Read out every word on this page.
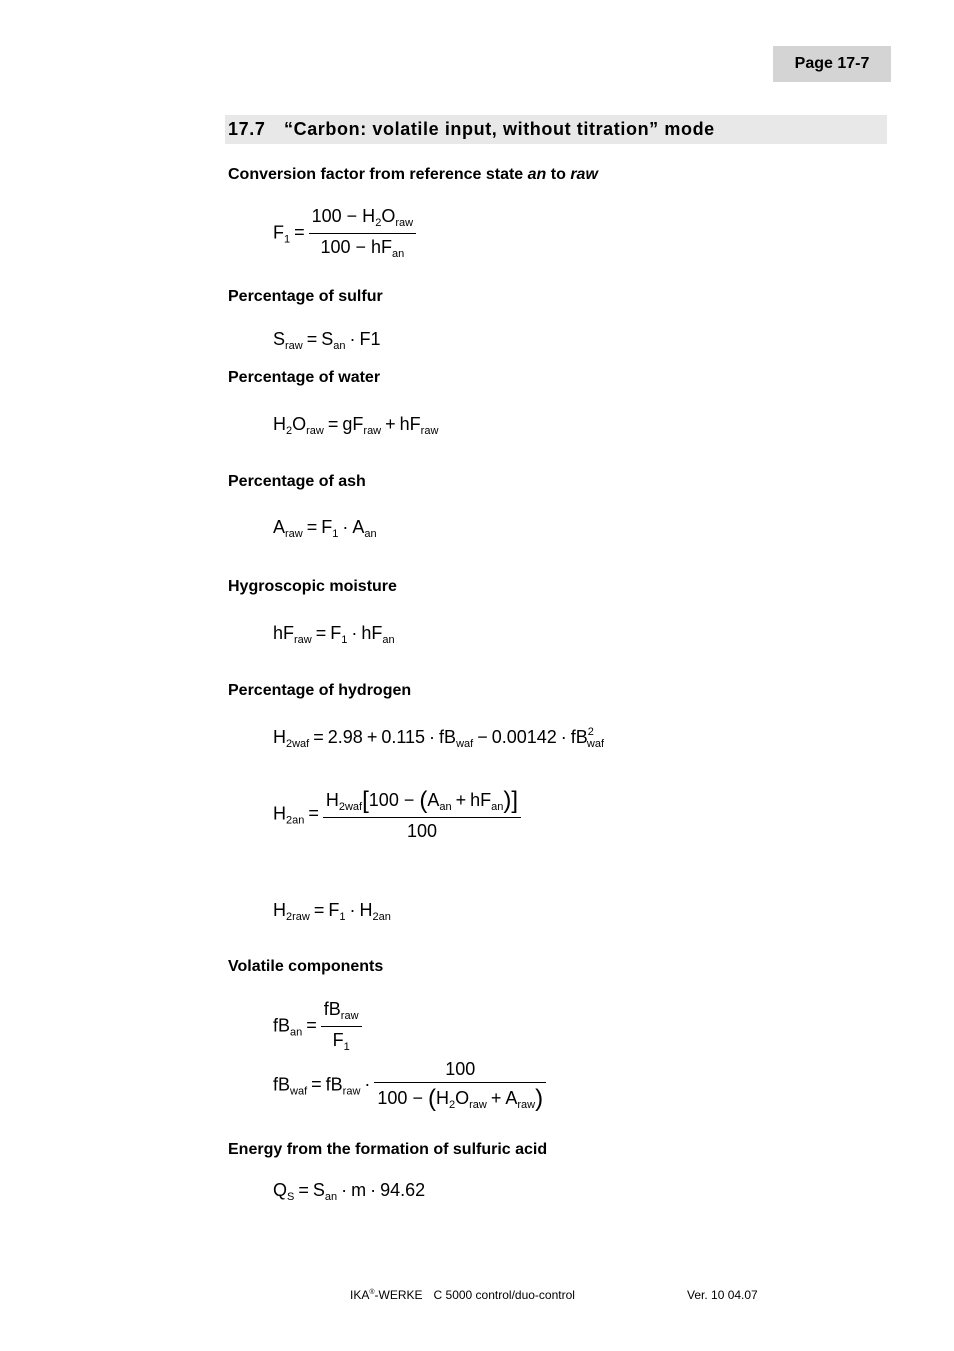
Page 17-7
17.7	“Carbon: volatile input, without titration” mode
Conversion factor from reference state an to raw
$F_1 = \frac{100 - H_2O_{raw}}{100 - hF_{an}}$
Percentage of sulfur
$S_{raw} = S_{an} \cdot F1$
Percentage of water
$H_2O_{raw} = gF_{raw} + hF_{raw}$
Percentage of ash
$A_{raw} = F_1 \cdot A_{an}$
Hygroscopic moisture
$hF_{raw} = F_1 \cdot hF_{an}$
Percentage of hydrogen
$H_{2waf} = 2.98 + 0.115 \cdot fB_{waf} - 0.00142 \cdot fB^2_{waf}$
$H_{2an} = \frac{H_{2waf}[100 - (A_{an} + hF_{an})]}{100}$
$H_{2raw} = F_1 \cdot H_{2an}$
Volatile components
$fB_{an} = \frac{fB_{raw}}{F_1}$
$fB_{waf} = fB_{raw} \cdot \frac{100}{100 - (H_2O_{raw} + A_{raw})}$
Energy from the formation of sulfuric acid
$Q_S = S_{an} \cdot m \cdot 94.62$
IKA®-WERKE C 5000 control/duo-control	Ver. 10 04.07
